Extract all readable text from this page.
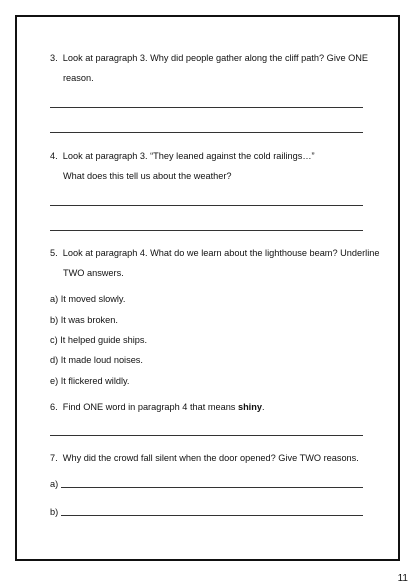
3. Look at paragraph 3. Why did people gather along the cliff path? Give ONE
reason.
4. Look at paragraph 3. “They leaned against the cold railings…”
What does this tell us about the weather?
5. Look at paragraph 4. What do we learn about the lighthouse beam? Underline
TWO answers.
a) It moved slowly.
b) It was broken.
c) It helped guide ships.
d) It made loud noises.
e) It flickered wildly.
6. Find ONE word in paragraph 4 that means shiny.
7. Why did the crowd fall silent when the door opened? Give TWO reasons.
a)
b)
11
